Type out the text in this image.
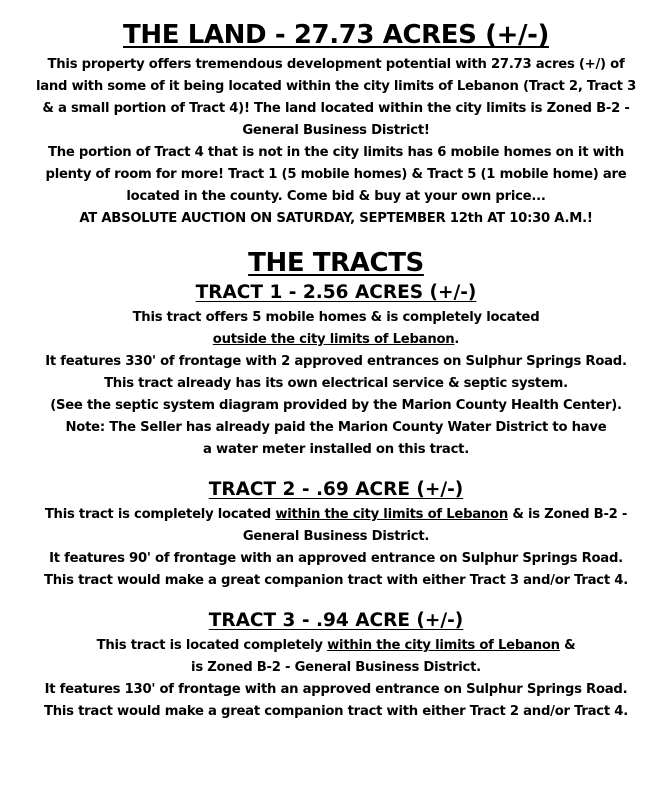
THE LAND - 27.73 ACRES (+/-)

This property offers tremendous development potential with 27.73 acres (+/) of
land with some of it being located within the city limits of Lebanon (Tract 2, Tract 3
& a small portion of Tract 4)! The land located within the city limits is Zoned B-2 -
General Business District!
The portion of Tract 4 that is not in the city limits has 6 mobile homes on it with
plenty of room for more! Tract 1 (5 mobile homes) & Tract 5 (1 mobile home) are
located in the county. Come bid & buy at your own price...
AT ABSOLUTE AUCTION ON SATURDAY, SEPTEMBER 12th AT 10:30 A.M.!

THE TRACTS
TRACT 1 - 2.56 ACRES (+/-)

This tract offers 5 mobile homes & is completely located
outside the city limits of Lebanon.
It features 330' of frontage with 2 approved entrances on Sulphur Springs Road.
This tract already has its own electrical service & septic system.
(See the septic system diagram provided by the Marion County Health Center).
Note: The Seller has already paid the Marion County Water District to have
a water meter installed on this tract.

TRACT 2 - .69 ACRE (+/-)

This tract is completely located within the city limits of Lebanon & is Zoned B-2 -
General Business District.
It features 90' of frontage with an approved entrance on Sulphur Springs Road.
This tract would make a great companion tract with either Tract 3 and/or Tract 4.

TRACT 3 - .94 ACRE (+/-)

This tract is located completely within the city limits of Lebanon &
is Zoned B-2 - General Business District.
It features 130' of frontage with an approved entrance on Sulphur Springs Road.
This tract would make a great companion tract with either Tract 2 and/or Tract 4.
